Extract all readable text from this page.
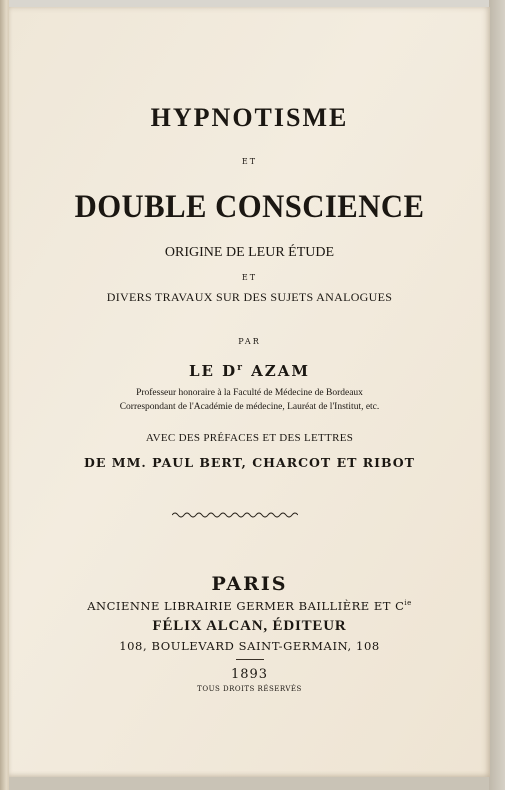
HYPNOTISME

ET

DOUBLE CONSCIENCE

ORIGINE DE LEUR ÉTUDE

ET

DIVERS TRAVAUX SUR DES SUJETS ANALOGUES

PAR

LE $D^r$ AZAM

Professeur honoraire à la Faculté de Médecine de Bordeaux

Correspondant de l'Académie de médecine, Lauréat de l'Institut, etc.

AVEC DES PRÉFACES ET DES LETTRES

DE MM. PAUL BERT, CHARCOT ET RIBOT

PARIS

ANCIENNE LIBRAIRIE GERMER BAILLIÈRE ET $C^{ie}$

FÉLIX ALCAN, ÉDITEUR

108, BOULEVARD SAINT-GERMAIN, 108

1893

TOUS DROITS RÉSERVÉS
